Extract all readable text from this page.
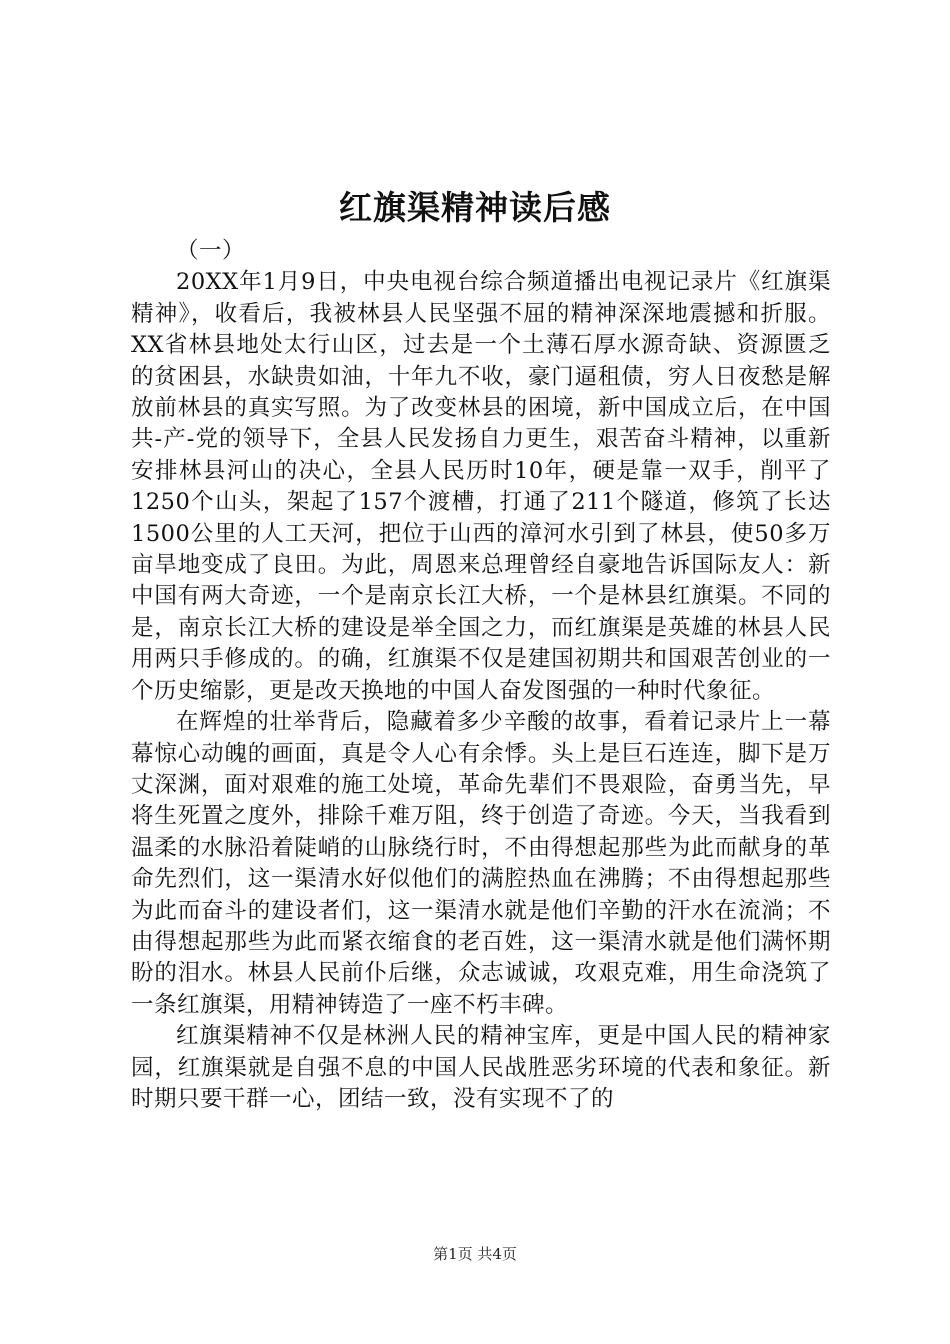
红旗渠精神读后感

（一）

20XX年1月9日，中央电视台综合频道播出电视记录片《红旗渠精神》，收看后，我被林县人民坚强不屈的精神深深地震撼和折服。XX省林县地处太行山区，过去是一个土薄石厚水源奇缺、资源匮乏的贫困县，水缺贵如油，十年九不收，豪门逼租债，穷人日夜愁是解放前林县的真实写照。为了改变林县的困境，新中国成立后，在中国共-产-党的领导下，全县人民发扬自力更生，艰苦奋斗精神，以重新安排林县河山的决心，全县人民历时10年，硬是靠一双手，削平了1250个山头，架起了157个渡槽，打通了211个隧道，修筑了长达1500公里的人工天河，把位于山西的漳河水引到了林县，使50多万亩旱地变成了良田。为此，周恩来总理曾经自豪地告诉国际友人：新中国有两大奇迹，一个是南京长江大桥，一个是林县红旗渠。不同的是，南京长江大桥的建设是举全国之力，而红旗渠是英雄的林县人民用两只手修成的。的确，红旗渠不仅是建国初期共和国艰苦创业的一个历史缩影，更是改天换地的中国人奋发图强的一种时代象征。

在辉煌的壮举背后，隐藏着多少辛酸的故事，看着记录片上一幕幕惊心动魄的画面，真是令人心有余悸。头上是巨石连连，脚下是万丈深渊，面对艰难的施工处境，革命先辈们不畏艰险，奋勇当先，早将生死置之度外，排除千难万阻，终于创造了奇迹。今天，当我看到温柔的水脉沿着陡峭的山脉绕行时，不由得想起那些为此而献身的革命先烈们，这一渠清水好似他们的满腔热血在沸腾；不由得想起那些为此而奋斗的建设者们，这一渠清水就是他们辛勤的汗水在流淌；不由得想起那些为此而紧衣缩食的老百姓，这一渠清水就是他们满怀期盼的泪水。林县人民前仆后继，众志诚诚，攻艰克难，用生命浇筑了一条红旗渠，用精神铸造了一座不朽丰碑。

红旗渠精神不仅是林洲人民的精神宝库，更是中国人民的精神家园，红旗渠就是自强不息的中国人民战胜恶劣环境的代表和象征。新时期只要干群一心，团结一致，没有实现不了的

第1页 共4页
